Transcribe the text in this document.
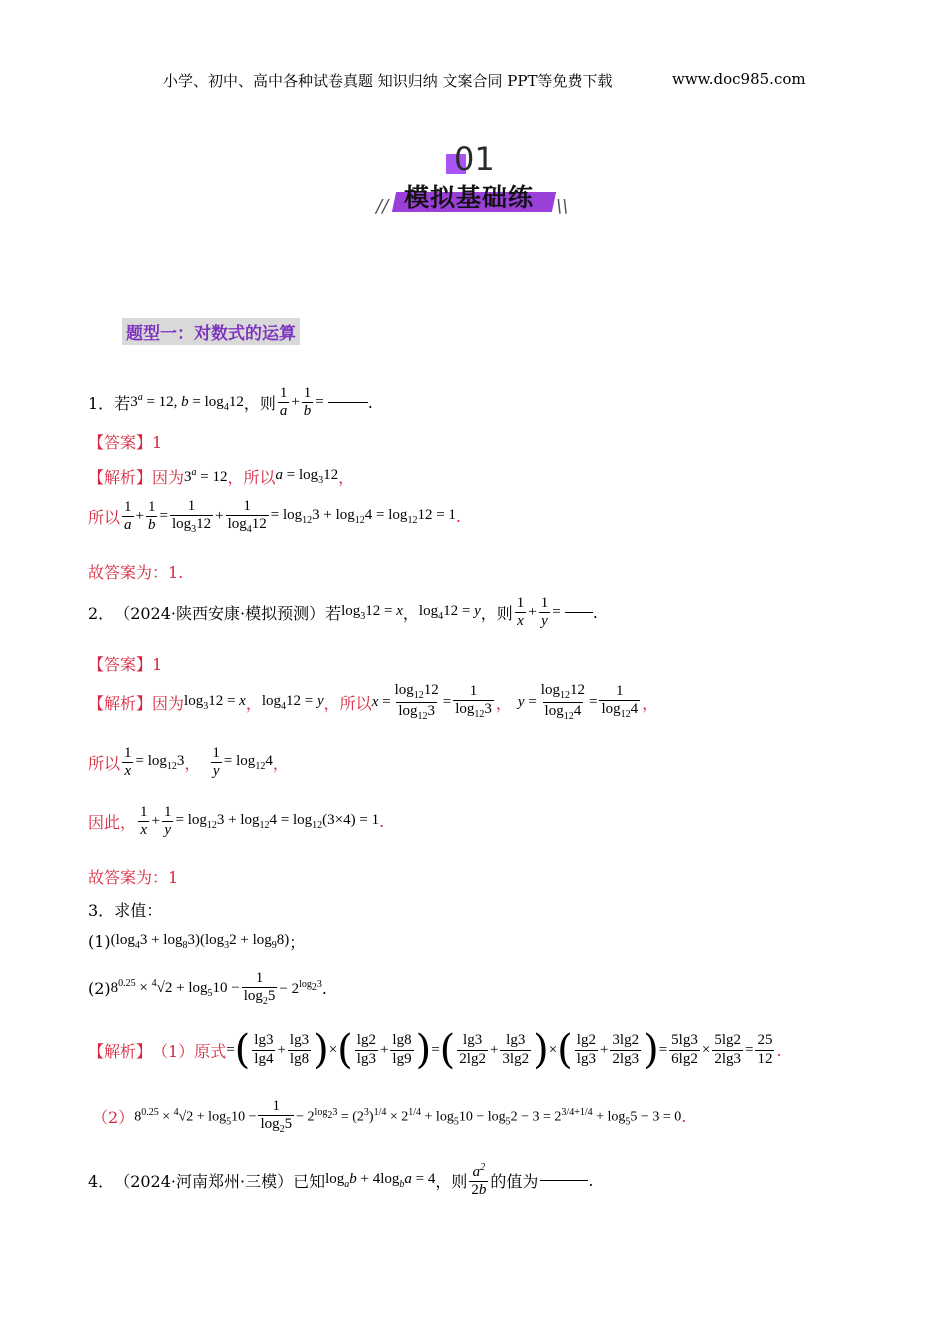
小学、初中、高中各种试卷真题 知识归纳 文案合同 PPT等免费下载	www.doc985.com
01
模拟基础练
//	\\
题型一：对数式的运算
1． 若 $3^a = 12$, $b = \log_412$ ，则 $\frac{1}{a} + \frac{1}{b}$ =	.
【答案】1
【解析】 因为 $3^a = 12$ ，所以 $a = \log_312$ ，
所以 $\frac{1}{a} + \frac{1}{b} = \frac{1}{\log_312} + \frac{1}{\log_412} = \log_{12}3 + \log_{12}4 = \log_{12}12 = 1$ .
故答案为：1.
2． （2024·陕西安康·模拟预测）若 $\log_312 = x$ ， $\log_412 = y$ ，则 $\frac{1}{x} + \frac{1}{y}$ = .
【答案】1
【解析】 因为 $\log_312 = x$ ， $\log_412 = y$ ，所以 $x = \frac{\log_{12}12}{\log_{12}3} = \frac{1}{\log_{12}3}$ ， $y = \frac{\log_{12}12}{\log_{12}4} = \frac{1}{\log_{12}4}$ ，
所以 $\frac{1}{x} = \log_{12}3$ ， $\frac{1}{y} = \log_{12}4$ ，
因此， $\frac{1}{x} + \frac{1}{y} = \log_{12}3 + \log_{12}4 = \log_{12}(3\times 4) = 1$ .
故答案为：1
3．求值：
(1) $(\log_43 + \log_83)(\log_32 + \log_98)$ ；
(2) $8^{0.25} \times ^4√2 + \log_510 - \frac{1}{\log_25} - 2^{log_23}$ .
【解析】 （1）原式 = ( $\frac{\lg 3}{\lg 4} + \frac{\lg 3}{\lg 8}$ ) × ( $\frac{\lg 2}{\lg 3} + \frac{\lg 8}{\lg 9}$ ) = ( $\frac{\lg 3}{2\lg 2} + \frac{\lg 3}{3\lg 2}$ ) × ( $\frac{\lg 2}{\lg 3} + \frac{3\lg 2}{2\lg 3}$ ) = $\frac{5\lg 3}{6\lg 2} \times \frac{5\lg 2}{2\lg 3} = \frac{25}{12}$ .
（2） $8^{0.25} \times ^4√2 + \log_510 - \frac{1}{\log_25} - 2^{log_23} = (2^3)^{1/4} \times 2^{1/4} + \log_510 - \log_52 - 3 = 2^{3/4+1/4} + \log_55 - 3 = 0$ .
4． （2024·河南郑州·三模）已知 $\log_ab + 4\log_ba = 4$ ，则 $\frac{a^2}{2b}$ 的值为	.
